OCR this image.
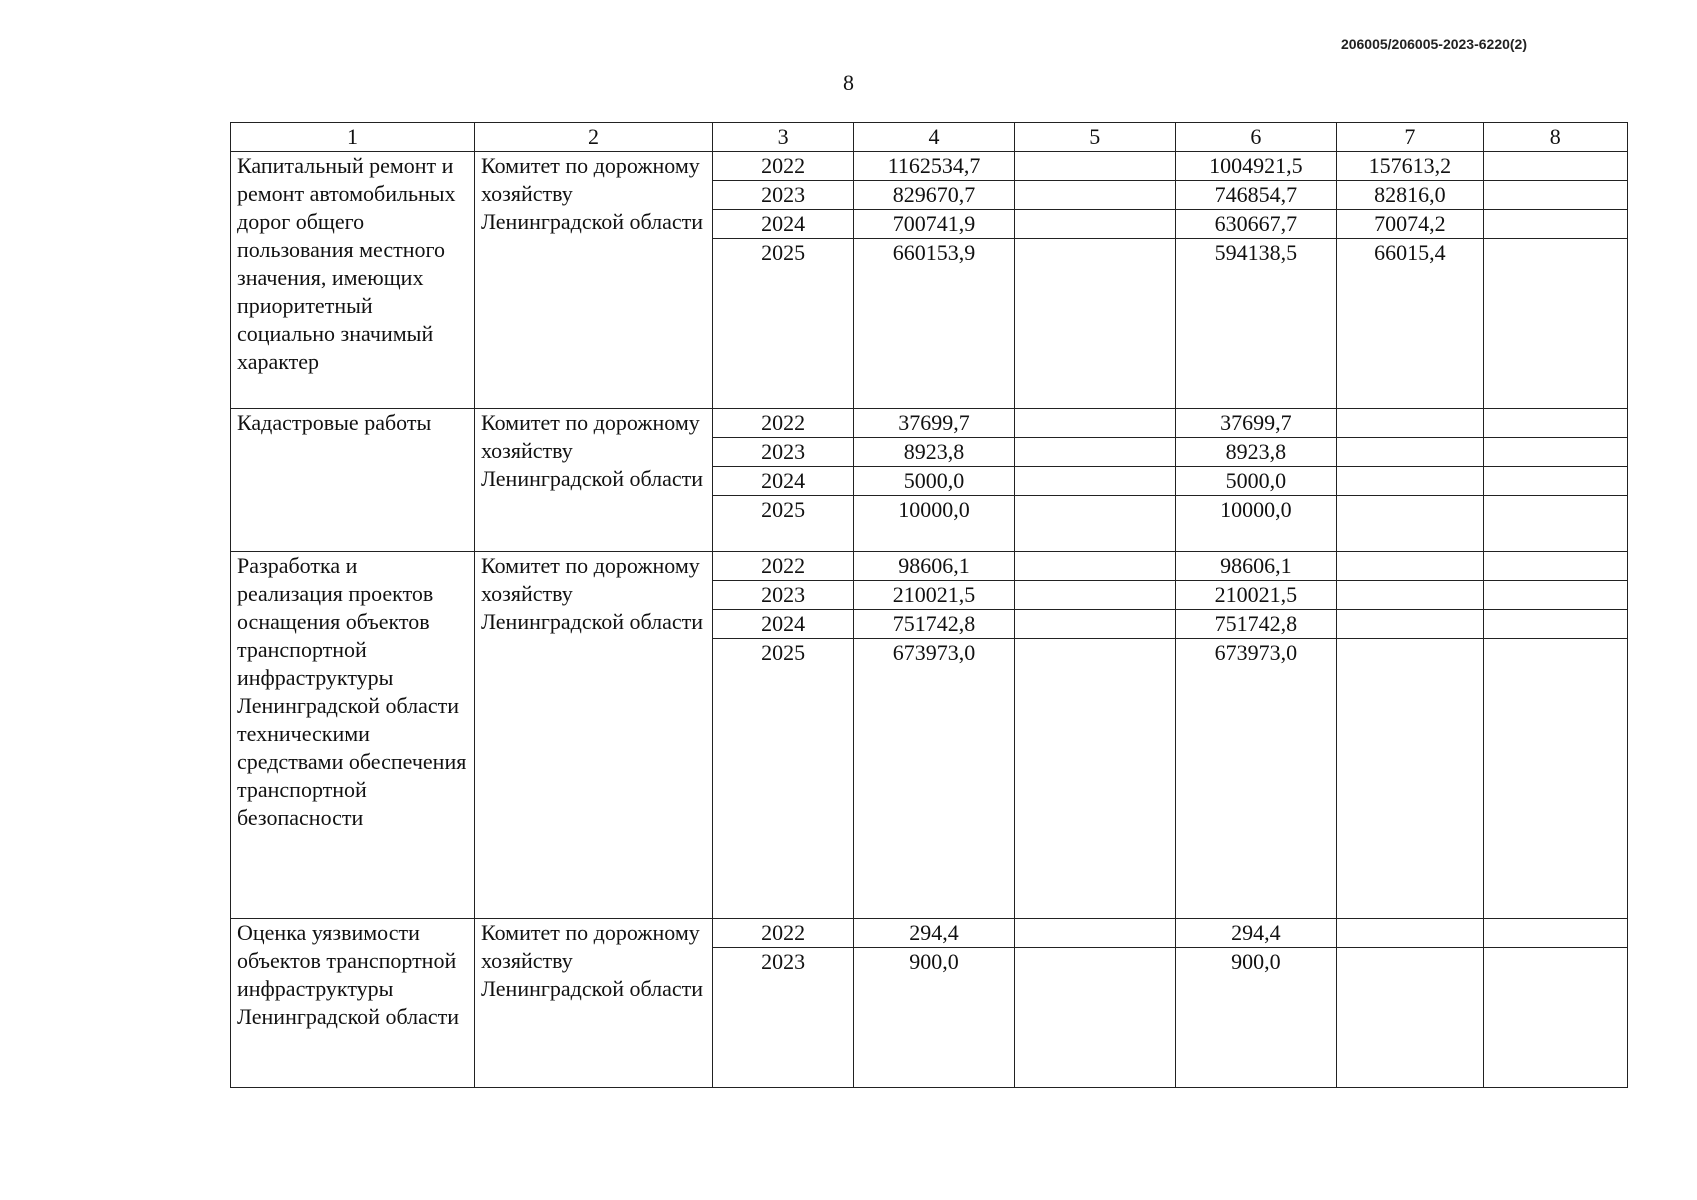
206005/206005-2023-6220(2)
8
1	2	3	4	5	6	7	8
Капитальный ремонт и ремонт автомобильных дорог общего пользования местного значения, имеющих приоритетный социально значимый характер	Комитет по дорожному хозяйству Ленинградской области	2022	1162534,7		1004921,5	157613,2	
		2023	829670,7		746854,7	82816,0	
		2024	700741,9		630667,7	70074,2	
		2025	660153,9		594138,5	66015,4	
Кадастровые работы	Комитет по дорожному хозяйству Ленинградской области	2022	37699,7		37699,7		
		2023	8923,8		8923,8		
		2024	5000,0		5000,0		
		2025	10000,0		10000,0		
Разработка и реализация проектов оснащения объектов транспортной инфраструктуры Ленинградской области техническими средствами обеспечения транспортной безопасности	Комитет по дорожному хозяйству Ленинградской области	2022	98606,1		98606,1		
		2023	210021,5		210021,5		
		2024	751742,8		751742,8		
		2025	673973,0		673973,0		
Оценка уязвимости объектов транспортной инфраструктуры Ленинградской области	Комитет по дорожному хозяйству Ленинградской области	2022	294,4		294,4		
		2023	900,0		900,0		
